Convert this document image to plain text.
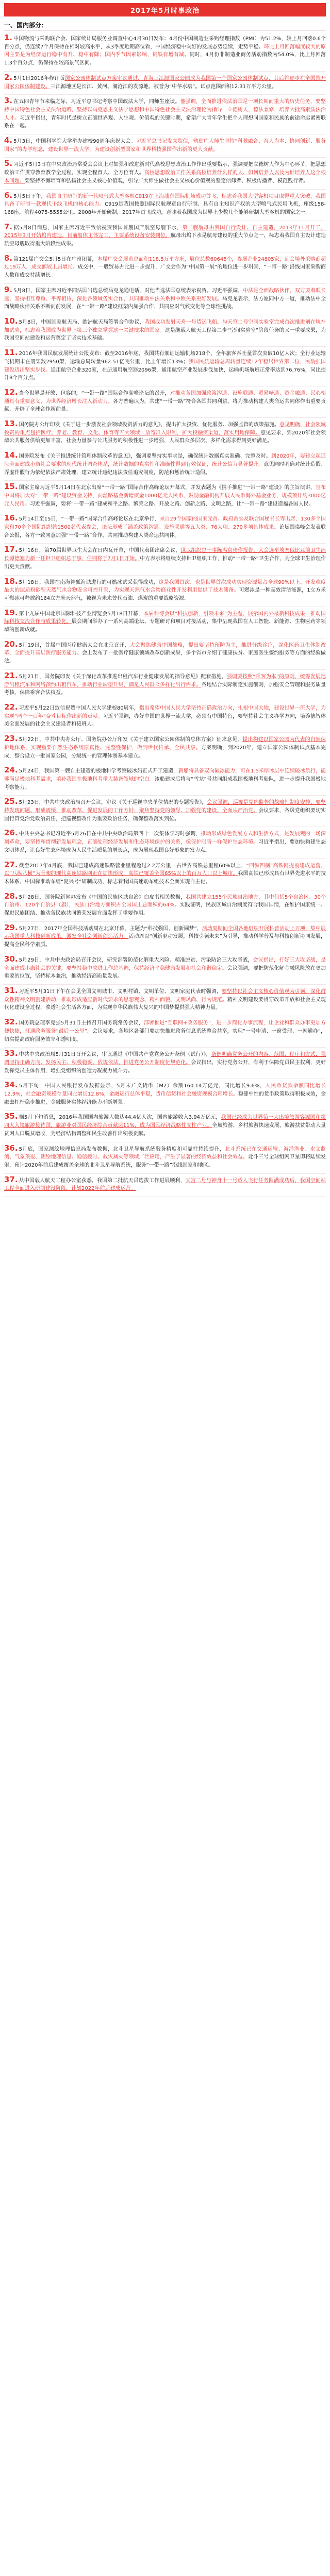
2017年5月时事政治
一、国内部分：
1. 中国物流与采购联合会、国家统计局服务业调查中心4月30日发布：4月份中国制造业采购经理指数（PMI）为51.2%，较上月回落0.6个百分点，仍连续7个月保持在相对较高水平，从3季度近期高位看，中国经济稳中向好的发展态势延续，走势平稳。环比上月回落幅度较大的原因主要是为经济运行稳中有升、稳中有降；国内季节因素影响，钢铁有增有减。同时，4月份非制造业商务活动指数为54.0%，比上月回落1.3个百分点，仍保持在较高景气区间。
2. 5月1日2016年修订版国家公园体制试点方案审议通过，青海三江源国家公园成为我国第一个国家公园体制试点，其后将逐步在全国推开国家公园体制建设。三江源地区是长江、黄河、澜沧江的发源地，被誉为“中华水塔”。试点范围面积12.31万平方公里。
3. 在五四青年节来临之际，习近平总书记考察中国政法大学，同师生座谈。他强调，全面推进依法治国是一项长期而重大的历史任务，要坚持中国特色社会主义法治道路，坚持以马克思主义法学思想和中国特色社会主义法治理论为指导，立德树人，德法兼修，培养大批高素质法治人才。习近平指出，青年时代是树立正确世界观、人生观、价值观的关键时期，希望广大青年学生把个人理想同国家和民族的前途命运紧密联系在一起。
4. 5月3日，中国科学院大学举办建校90周年庆祝大会。习近平总书记发来贺信，勉励广大师生坚持“科教融合、育人为本、协同创新、服务国家”的办学理念，建设世界一流大学，为建设创新型国家和世界科技强国作出新的更大贡献。
5. 习近平5月3日在中央政治局常委会会议上对加强和改进新时代高校思想政治工作作出重要指示，强调要把立德树人作为中心环节，把思想政治工作贯穿教育教学全过程，实现全程育人、全方位育人。高校思想政治工作关系高校培养什么样的人、如何培养人以及为谁培养人这个根本问题。要坚持不懈培育和弘扬社会主义核心价值观，引导广大师生做社会主义核心价值观的坚定信仰者、积极传播者、模范践行者。
6. 5月5日下午，我国自主研制的新一代喷气式大型客机C919在上海浦东国际机场成功首飞，标志着我国大型客机项目取得重大突破，我国具备了研制一款现代干线飞机的核心能力。C919是我国按照国际民航规章自行研制、具有自主知识产权的大型喷气式民用飞机，座级158-168座，航程4075-5555公里。2008年开始研制，2017年首飞成功，意味着我国成为世界上少数几个能够研制大型客机的国家之一。
7. 据5月8日消息，国家主席习近平致信祝贺我国首艘国产航空母舰下水，第二艘航母由我国自行设计、自主建造，2013年11月开工，2015年3月开始坞内建造，目前船体主体完工，主要系统设备安装到位。航母出坞下水是航母建设的重大节点之一，标志着我国自主设计建造航空母舰取得重大阶段性成果。
8. 第121届广交会5月5日在广州闭幕，本届广交会展览总面积118.5万平方米，展位总数60645个，参展企业24805家，到会境外采购商超过19万人，成交额较上届增长。成交中，一般贸易占比进一步提升，广交会作为“中国第一展”的地位进一步巩固，“一带一路”沿线国家采购商人数和成交持续增长。
9. 5月8日，国家主席习近平同法国当选总统马克龙通电话，对他当选法国总统表示祝贺。习近平强调，中法是全面战略伙伴，双方要着眼长远，坚持相互尊重、平等相待，深化各领域务实合作，共同推动中法关系和中欧关系更好发展。马克龙表示，法方愿同中方一道，推动法中全面战略伙伴关系不断向前发展，在“一带一路”建设框架内加强合作，共同应对气候变化等全球性挑战。
10. 5月8日，中国国家航天局、欧洲航天局签署合作协议，我国成功发射天舟一号货运飞船，与天宫二号空间实验室完成首次推进剂在轨补加试验，标志着我国成为世界上第三个独立掌握这一关键技术的国家。这是继载人航天工程第二步“空间实验室”阶段任务的又一重要成果，为我国空间站建设和运营奠定了坚实技术基础。
11. 2016年我国民航发展统计公报发布：截至2016年底，我国共有颁证运输机场218个，全年旅客吞吐量首次突破10亿人次；全行业运输飞机期末在册架数2950架，运输总周转量962.51亿吨公里，比上年增长13%；我国民航运输总周转量连续12年稳居世界第二位，民航强国建设迈出坚实步伐。通用航空企业320家，在册通用航空器2096架，通用航空产业发展步伐加快，运输机场航班正常率达到76.76%，同比提升8个百分点。
12. 当今世界是开放、包容的，“一带一路”国际合作高峰论坛的召开，对推动各国加强政策沟通、设施联通、贸易畅通、资金融通、民心相通具有重要意义，为世界经济增长注入新动力。各方普遍认为，共建“一带一路”符合各国共同利益，将为推动构建人类命运共同体作出重要贡献，开辟了全球合作新前景。
13. 国务院办公厅印发《关于进一步激发社会领域投资活力的意见》，提出扩大投资、优化服务、加强监管的政策措施。意见明确，社会领域投资的重点包括医疗、养老、教育、文化、体育等五大领域，放宽准入限制，扩大投融资渠道，落实用地保障。意见要求，到2020年社会领域公共服务供给更加丰富，社会力量参与公共服务的积极性进一步增强，人民群众多层次、多样化需求得到更好满足。
14. 国务院发布《关于推进统计管理体制改革的意见》，强调要坚持实事求是，确保统计数据真实准确、完整及时。到2020年，要建立起适应全面建成小康社会要求的现代统计调查体系，统计数据的真实性和准确性得到有效保证，统计公信力显著提升。意见同时明确对统计造假、弄虚作假行为依纪依法严肃处理，建立统计违纪违法责任追究制度，防范和惩治统计造假。
15. 国家主席习近平5月14日在北京出席“一带一路”国际合作高峰论坛开幕式，并发表题为《携手推进“一带一路”建设》的主旨演讲，宣布中国将加大对“一带一路”建设资金支持，向丝路基金新增资金1000亿元人民币，鼓励金融机构开展人民币海外基金业务，规模预计约3000亿元人民币。习近平强调，要将“一带一路”建成和平之路、繁荣之路、开放之路、创新之路、文明之路，让“一带一路”建设造福各国人民。
16. 5月14日至15日，“一带一路”国际合作高峰论坛在北京举行，来自29个国家的国家元首、政府首脑及联合国秘书长等出席，130多个国家和70多个国际组织约1500名代表参会，论坛形成了涵盖政策沟通、设施联通等五大类、76大项、270多项具体成果。论坛圆桌峰会发表联合公报，各方一致同意加强“一带一路”合作，共同推动构建人类命运共同体。
17. 5月16日，第70届世界卫生大会在日内瓦开幕，中国代表团出席会议，世卫组织总干事陈冯富珍作报告，大会选举埃塞俄比亚前卫生部长谭德塞为新一任世卫组织总干事，任期将于7月1日开始。中方表示将继续支持世卫组织工作，推动“一带一路”卫生合作，为全球卫生治理作出更大贡献。
18. 5月18日，我国在南海神狐海域进行的可燃冰试采获得成功，这是我国首次、也是世界首次成功实现资源量占全球90%以上、开发难度最大的泥质粉砂型天然气水合物安全可控开采，为实现天然气水合物商业性开发利用提供了技术储备。可燃冰是一种高效清洁能源，1立方米可燃冰可释放约164立方米天然气，被视为未来替代石油、煤炭的重要战略资源。
19. 第十九届中国北京国际科技产业博览会5月18日开幕，本届科博会以“科技创新，引领未来”为主题，展示国内外最新科技成果，推动国际科技交流合作与成果转化。展会期间举办了一系列高端论坛、专题研讨和项目对接活动，集中呈现我国在人工智能、新能源、生物医药等领域的创新成就。
20. 5月19日，首届中国医疗健康大会在北京召开，大会聚焦健康中国战略，提出要坚持预防为主，推进分级诊疗，深化医药卫生体制改革，全面提升基层医疗服务能力。会上发布了一批医疗健康领域改革创新成果，多个省市介绍了健康扶贫、家庭医生签约服务等方面的经验做法。
21. 5月21日，国务院印发《关于深化改革推进出租汽车行业健康发展的指导意见》配套措施，强调要按照“乘客为本”的原则，统筹发展巡游出租汽车和网络预约出租汽车，推动行业转型升级，满足人民群众多样化出行需求。各地结合实际制定实施细则，加强安全管理和服务质量考核，保障乘客合法权益。
22. 习近平5月22日致信祝贺中国人民大学建校80周年，指出希望中国人民大学坚持正确政治方向，扎根中国大地，建设世界一流大学，为实现“两个一百年”奋斗目标作出新的贡献。习近平强调，办好中国的世界一流大学，必须有中国特色，要坚持社会主义办学方向，培养德智体美全面发展的社会主义建设者和接班人。
23. 5月22日，中共中央办公厅、国务院办公厅印发《关于建立国家公园体制的总体方案》征求意见，提出构建以国家公园为代表的自然保护地体系，实现重要自然生态系统原真性、完整性保护，做到世代传承、全民共享。方案明确，到2020年，建立国家公园体制试点基本完成，整合设立一批国家公园，分级统一的管理体制基本建立。
24. 5月24日，我国第一艘自主建造的极地科学考察破冰船正式开工建造，新船将具备双向破冰能力，可在1.5米厚冰层中连续破冰航行，能够满足极地科考需求，填补我国在极地科考重大装备领域的空白。该船建成后将与“雪龙”号共同组成我国极地科考船队，进一步提升我国极地考察能力。
25. 5月23日，中共中央政治局召开会议，审议《关于巡视中央单位情况的专题报告》，会议强调，巡视是党内监督的战略性制度安排，要坚持发现问题、形成震慑，推动改革、促进发展的工作方针，聚焦坚持党的领导、加强党的建设、全面从严治党。会议要求，各级党组织要切实履行管党治党政治责任，把巡视整改作为重要政治任务，确保整改落实到位。
26. 中共中央总书记习近平5月26日在中共中央政治局第四十一次集体学习时强调，推动形成绿色发展方式和生活方式，是发展观的一场深刻革命，要坚持和贯彻新发展理念，正确处理经济发展和生态环境保护的关系，像保护眼睛一样保护生态环境。习近平指出，要加快构建生态文明体系，让良好生态环境成为人民生活质量的增长点，成为展现我国良好形象的发力点。
27. 截至2017年4月底，我国已建成高速铁路营业里程超过2.2万公里，占世界高铁总里程60%以上，“四纵四横”高铁网提前建成运营，以“八纵八横”为骨架的现代高速铁路网正在加快形成，高铁已覆盖全国65%以上的百万人口以上城市。我国高铁已形成具有世界先进水平的技术体系，中国标准动车组“复兴号”研制成功，标志着我国高速动车组技术全面实现自主化。
28. 5月28日，国务院新闻办发布《中国的民族区域自治》白皮书相关数据，我国共建立155个民族自治地方，其中包括5个自治区、30个自治州、120个自治县（旗），民族自治地方面积占全国国土总面积的64%。实践证明，民族区域自治制度符合我国国情，在维护国家统一、促进民族团结、推动各民族共同繁荣发展方面发挥了重要作用。
29. 5月27日，2017年全国科技活动周在北京开幕，主题为“科技强国，创新圆梦”，活动周期间全国各地组织开展科普活动上万项，集中展示我国重大科技创新成果，激发全社会创新创造活力。活动周以“创新驱动发展，科技引领未来”为引导，推动科学普及与科技创新协同发展，提高全民科学素质。
30. 5月29日，中共中央政治局召开会议，研究部署防范化解重大风险、精准脱贫、污染防治三大攻坚战，会议指出，打好三大攻坚战，是全面建成小康社会的关键，要坚持稳中求进工作总基调，保持经济平稳健康发展和社会和谐稳定。会议强调，要把防范化解金融风险放在更加重要的位置，坚持标本兼治，推动经济高质量发展。
31. 习近平5月31日下午在会见全国文明城市、文明村镇、文明单位、文明家庭代表时强调，要坚持以社会主义核心价值观为引领，深化群众性精神文明创建活动，推动形成适应新时代要求的思想观念、精神面貌、文明风尚、行为规范。精神文明建设要贯穿改革开放和社会主义现代化建设全过程，渗透社会生活各方面，为实现中华民族伟大复兴的中国梦提供强大精神力量。
32. 国务院总理李克强5月31日主持召开国务院常务会议，部署推进“互联网+政务服务”，进一步简化办事流程，让企业和群众办事更加方便快捷，打通政务服务“最后一公里”。会议要求，各地区各部门要加快推进政务信息系统整合共享，实现“一号申请、一窗受理、一网通办”，切实提高政府服务效率和透明度。
33. 中共中央政治局5月31日召开会议，审议通过《中国共产党党务公开条例（试行）》，条例明确党务公开的内容、范围、程序和方式，强调坚持正确方向、发扬民主、积极稳妥、依规依法，推进党务公开制度化规范化。会议指出，实行党务公开，有利于保障党员民主权利，更好发挥党员主体作用，增强党组织的创造力凝聚力战斗力。
34. 5月下旬，中国人民银行发布数据显示，5月末广义货币（M2）余额160.14万亿元，同比增长9.6%，人民币贷款余额同比增长12.9%，社会融资规模存量同比增长12.8%，金融运行总体平稳，货币信贷和社会融资规模合理增长。稳健中性的货币政策取得积极成效，金融去杠杆稳步推进，金融服务实体经济能力不断增强。
35. 据5月下旬消息，2016年我国国内旅游人数达44.4亿人次，国内旅游收入3.94万亿元，我国已经成为世界第一大出境旅游客源国和第四大入境旅游接待国，旅游业对国民经济综合贡献达11%，成为国民经济战略性支柱产业。全域旅游、乡村旅游快速发展，旅游扶贫带动大量贫困人口脱贫增收，为经济结构调整和民生改善作出积极贡献。
36. 5月底，国家测绘地理信息局发布数据，北斗卫星导航系统服务精度和可靠性持续提升，北斗系统已在交通运输、海洋渔业、水文监测、气象预报、测绘地理信息、通信授时、救灾减灾等领域广泛应用，产生了显著的经济效益和社会效益。北斗三号全球组网卫星即将陆续发射，预计2020年前后建成覆盖全球的北斗卫星导航系统，服务“一带一路”沿线国家和地区。
37. 从中国载人航天工程办公室获悉，我国第二批航天员选拔工作进展顺利，天宫二号与神舟十一号载人飞行任务圆满成功后，我国空间站工程全面进入研制建设阶段，计划2022年前后建成运营。
